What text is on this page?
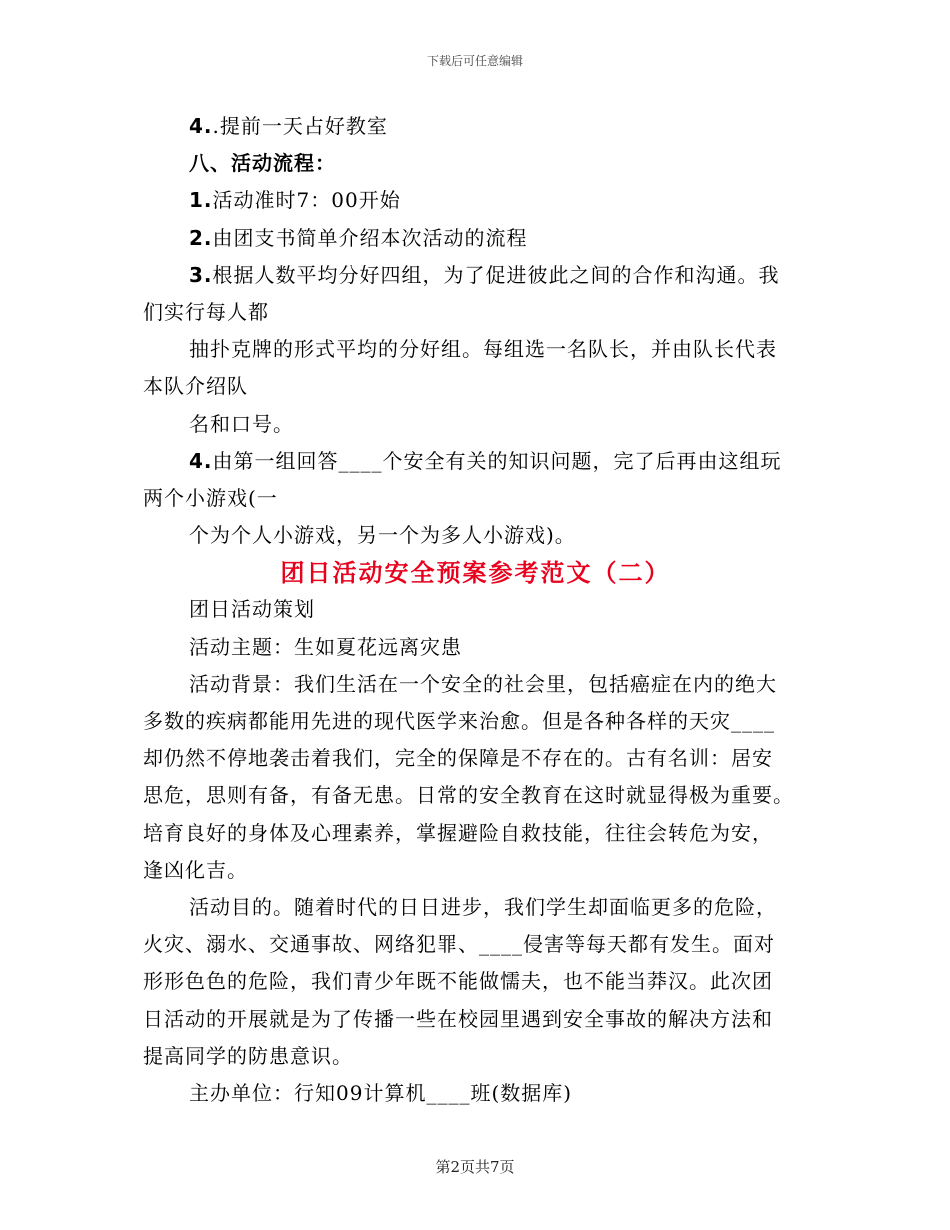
下载后可任意编辑
4..提前一天占好教室
八、活动流程：
1.活动准时7：00开始
2.由团支书简单介绍本次活动的流程
3.根据人数平均分好四组，为了促进彼此之间的合作和沟通。我
们实行每人都
抽扑克牌的形式平均的分好组。每组选一名队长，并由队长代表
本队介绍队
名和口号。
4.由第一组回答____个安全有关的知识问题，完了后再由这组玩
两个小游戏(一
个为个人小游戏，另一个为多人小游戏)。
团日活动安全预案参考范文（二）
团日活动策划
活动主题：生如夏花远离灾患
活动背景：我们生活在一个安全的社会里，包括癌症在内的绝大
多数的疾病都能用先进的现代医学来治愈。但是各种各样的天灾____
却仍然不停地袭击着我们，完全的保障是不存在的。古有名训：居安
思危，思则有备，有备无患。日常的安全教育在这时就显得极为重要。
培育良好的身体及心理素养，掌握避险自救技能，往往会转危为安，
逢凶化吉。
活动目的。随着时代的日日进步，我们学生却面临更多的危险，
火灾、溺水、交通事故、网络犯罪、____侵害等每天都有发生。面对
形形色色的危险，我们青少年既不能做懦夫，也不能当莽汉。此次团
日活动的开展就是为了传播一些在校园里遇到安全事故的解决方法和
提高同学的防患意识。
主办单位：行知09计算机____班(数据库)
第2页共7页
